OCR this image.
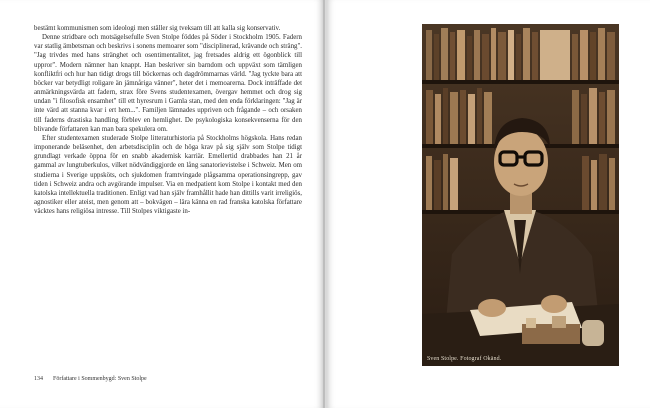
bestämt kommunismen som ideologi men ställer sig tveksam till att kalla sig konservativ.

Denne stridbare och motsägelsefulle Sven Stolpe föddes på Söder i Stockholm 1905. Fadern var statlig ämbetsman och beskrivs i sonens memoarer som "disciplinerad, krävande och sträng". "Jag trivdes med hans stränghet och osentimentalitet, jag fretsades aldrig ett ögonblick till uppror". Modern nämner han knappt. Han beskriver sin barndom och uppväxt som tämligen konfliktfri och hur han tidigt drogs till böckernas och dagdrömmarnas värld. "Jag tyckte bara att böcker var betydligt roligare än jämnåriga vänner", heter det i memoarerna. Dock inträffade det anmärkningsvärda att fadern, strax före Svens studentexamen, övergav hemmet och drog sig undan "i filosofisk ensamhet" till ett hyresrum i Gamla stan, med den enda förklaringen: "Jag är inte värd att stanna kvar i ert hem...". Familjen lämnades uppriven och frågande – och orsaken till faderns drastiska handling förblev en hemlighet. De psykologiska konsekvenserna för den blivande författaren kan man bara spekulera om.

Efter studentexamen studerade Stolpe litteraturhistoria på Stockholms högskola. Hans redan imponerande beläsenhet, den arbetsdisciplin och de höga krav på sig själv som Stolpe tidigt grundlagt verkade öppna för en snabb akademisk karriär. Emellertid drabbades han 21 år gammal av lungtuberkulos, vilket nödvändiggjorde en lång sanatorievistelse i Schweiz. Men om studierna i Sverige uppsköts, och sjukdomen framtvingade plågsamma operationsingrepp, gav tiden i Schweiz andra och avgörande impulser. Via en medpatient kom Stolpe i kontakt med den katolska intellektuella traditionen. Enligt vad han själv framhållit hade han dittills varit irreligiös, agnostiker eller ateist, men genom att – bokvägen – lära känna en rad franska katolska författare väcktes hans religiösa intresse. Till Stolpes viktigaste in-

134 Författare i Sommenbygd: Sven Stolpe
Sven Stolpe. Fotograf Okänd.
